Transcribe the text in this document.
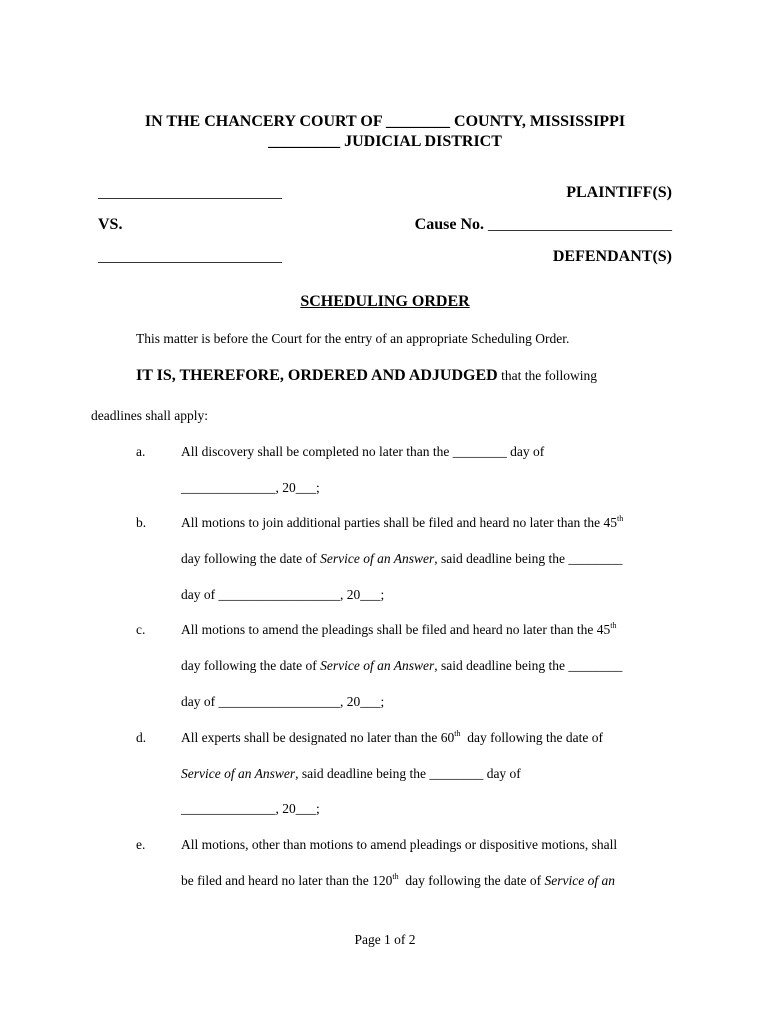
IN THE CHANCERY COURT OF ________ COUNTY, MISSISSIPPI
_________ JUDICIAL DISTRICT
_______________________	PLAINTIFF(S)
VS.	Cause No. _______________________
_______________________	DEFENDANT(S)
SCHEDULING ORDER
This matter is before the Court for the entry of an appropriate Scheduling Order.
IT IS, THEREFORE, ORDERED AND ADJUDGED that the following
deadlines shall apply:
a.	All discovery shall be completed no later than the ________ day of
______________, 20___;
b.	All motions to join additional parties shall be filed and heard no later than the 45th
day following the date of Service of an Answer, said deadline being the ________
day of __________________, 20___;
c.	All motions to amend the pleadings shall be filed and heard no later than the 45th
day following the date of Service of an Answer, said deadline being the ________
day of __________________, 20___;
d.	All experts shall be designated no later than the 60th  day following the date of
Service of an Answer, said deadline being the ________ day of
______________, 20___;
e.	All motions, other than motions to amend pleadings or dispositive motions, shall
be filed and heard no later than the 120th  day following the date of Service of an
Page 1 of 2
